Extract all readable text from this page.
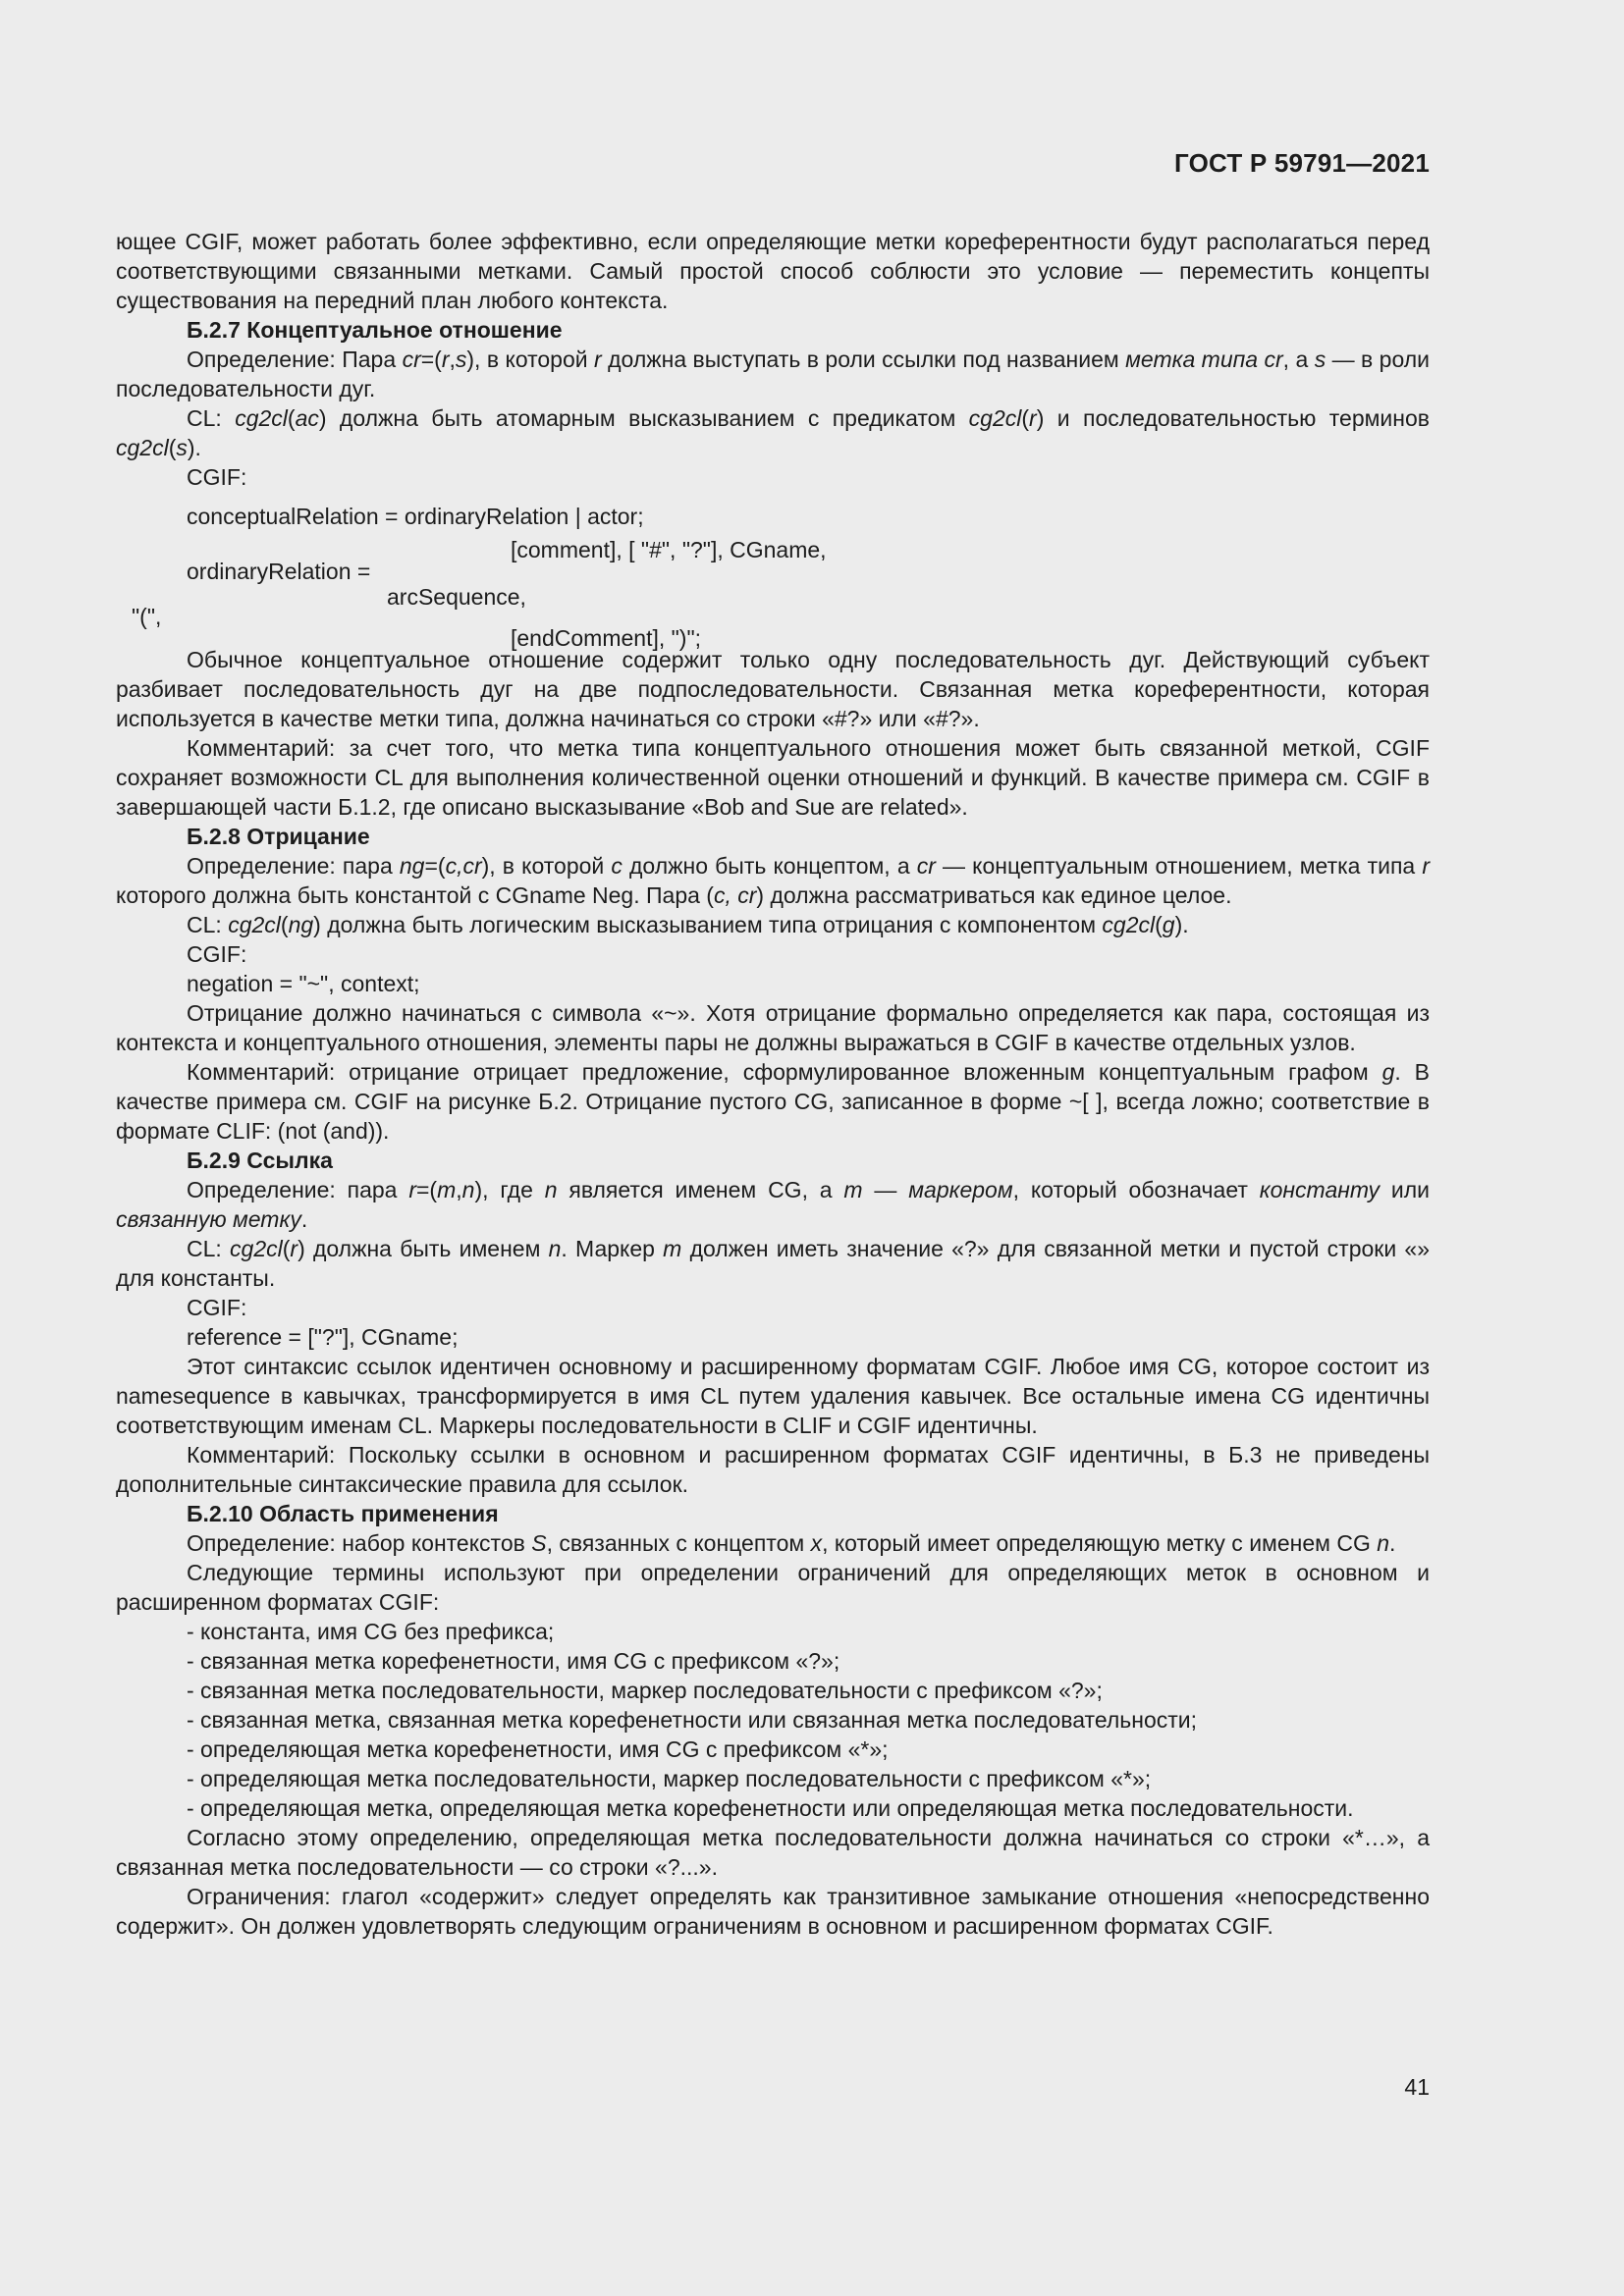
ГОСТ Р 59791—2021

ющее CGIF, может работать более эффективно, если определяющие метки кореферентности будут располагаться перед соответствующими связанными метками. Самый простой способ соблюсти это условие — переместить концепты существования на передний план любого контекста.

Б.2.7 Концептуальное отношение

Определение: Пара cr=(r,s), в которой r должна выступать в роли ссылки под названием метка типа cr, а s — в роли последовательности дуг.

CL: cg2cl(ac) должна быть атомарным высказыванием с предикатом cg2cl(r) и последовательностью терминов cg2cl(s).

CGIF:

conceptualRelation = ordinaryRelation | actor;
[comment], [ "#", "?"], CGname,
ordinaryRelation =
arcSequence,
"(",
[endComment], ")";

Обычное концептуальное отношение содержит только одну последовательность дуг. Действующий субъект разбивает последовательность дуг на две подпоследовательности. Связанная метка кореферентности, которая используется в качестве метки типа, должна начинаться со строки «#?» или «#?».

Комментарий: за счет того, что метка типа концептуального отношения может быть связанной меткой, CGIF сохраняет возможности CL для выполнения количественной оценки отношений и функций. В качестве примера см. CGIF в завершающей части Б.1.2, где описано высказывание «Bob and Sue are related».

Б.2.8 Отрицание

Определение: пара ng=(c,cr), в которой c должно быть концептом, а cr — концептуальным отношением, метка типа r которого должна быть константой с CGname Neg. Пара (c, cr) должна рассматриваться как единое целое.

CL: cg2cl(ng) должна быть логическим высказыванием типа отрицания с компонентом cg2cl(g).

CGIF:

negation = "~", context;

Отрицание должно начинаться с символа «~». Хотя отрицание формально определяется как пара, состоящая из контекста и концептуального отношения, элементы пары не должны выражаться в CGIF в качестве отдельных узлов.

Комментарий: отрицание отрицает предложение, сформулированное вложенным концептуальным графом g. В качестве примера см. CGIF на рисунке Б.2. Отрицание пустого CG, записанное в форме ~[ ], всегда ложно; соответствие в формате CLIF: (not (and)).

Б.2.9 Ссылка

Определение: пара r=(m,n), где n является именем CG, а m — маркером, который обозначает константу или связанную метку.

CL: cg2cl(r) должна быть именем n. Маркер m должен иметь значение «?» для связанной метки и пустой строки «» для константы.

CGIF:

reference = ["?"], CGname;

Этот синтаксис ссылок идентичен основному и расширенному форматам CGIF. Любое имя CG, которое состоит из namesequence в кавычках, трансформируется в имя CL путем удаления кавычек. Все остальные имена CG идентичны соответствующим именам CL. Маркеры последовательности в CLIF и CGIF идентичны.

Комментарий: Поскольку ссылки в основном и расширенном форматах CGIF идентичны, в Б.3 не приведены дополнительные синтаксические правила для ссылок.

Б.2.10 Область применения

Определение: набор контекстов S, связанных с концептом x, который имеет определяющую метку с именем CG n.

Следующие термины используют при определении ограничений для определяющих меток в основном и расширенном форматах CGIF:

- константа, имя CG без префикса;

- связанная метка корефенетности, имя CG с префиксом «?»;

- связанная метка последовательности, маркер последовательности с префиксом «?»;

- связанная метка, связанная метка корефенетности или связанная метка последовательности;

- определяющая метка корефенетности, имя CG с префиксом «*»;

- определяющая метка последовательности, маркер последовательности с префиксом «*»;

- определяющая метка, определяющая метка корефенетности или определяющая метка последовательности.

Согласно этому определению, определяющая метка последовательности должна начинаться со строки «*…», а связанная метка последовательности — со строки «?...».

Ограничения: глагол «содержит» следует определять как транзитивное замыкание отношения «непосредственно содержит». Он должен удовлетворять следующим ограничениям в основном и расширенном форматах CGIF.

41
